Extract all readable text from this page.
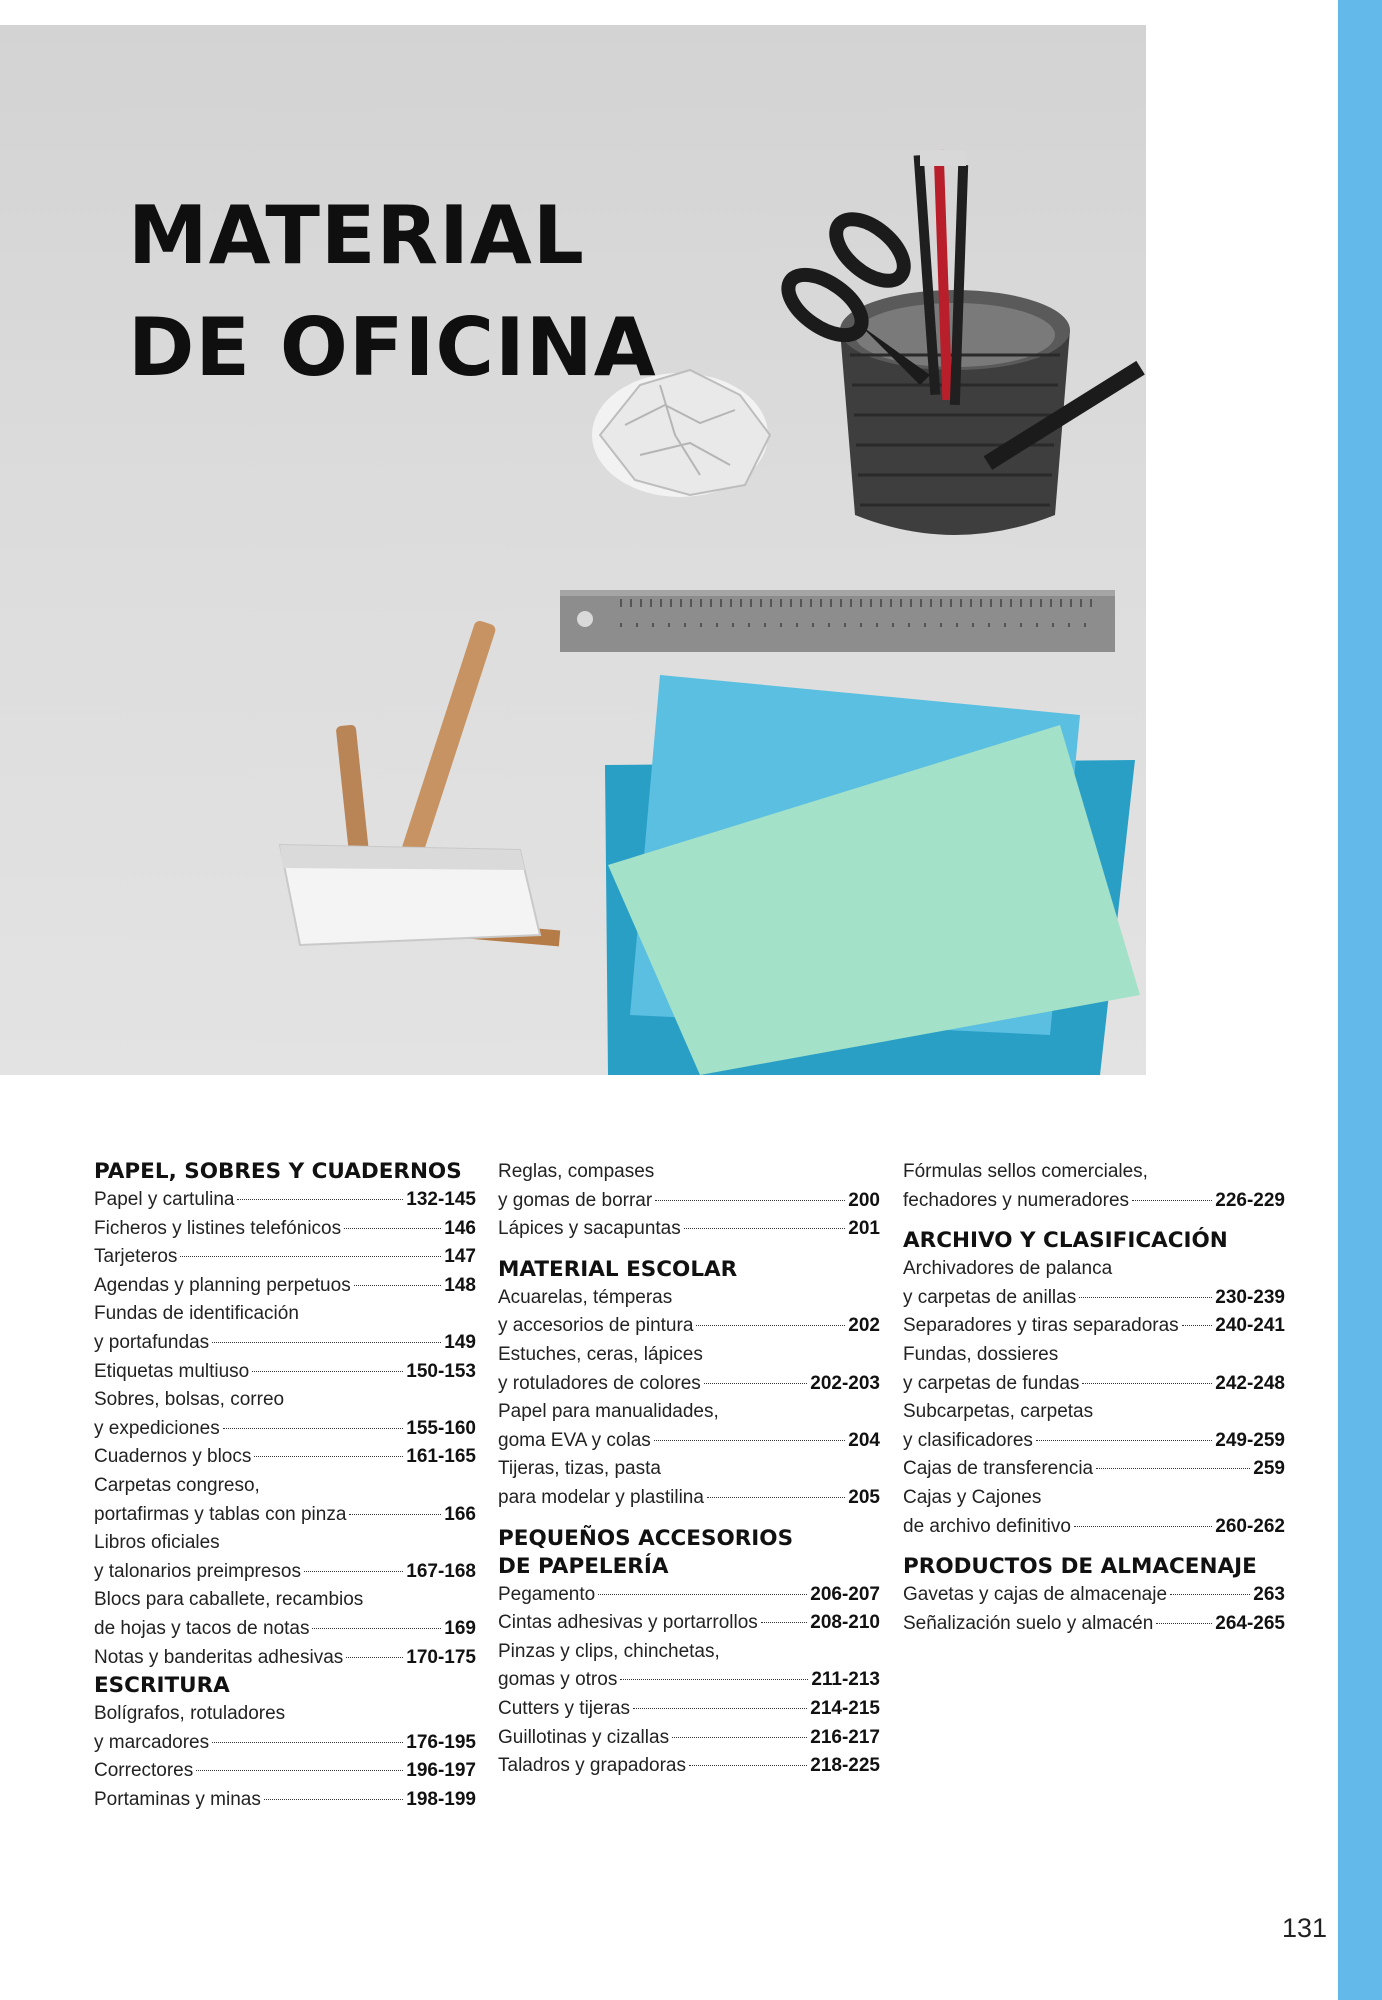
MATERIAL
DE OFICINA
PAPEL, SOBRES Y CUADERNOS
Papel y cartulina	132-145
Ficheros y listines telefónicos	146
Tarjeteros	147
Agendas y planning perpetuos	148
Fundas de identificación
y portafundas	149
Etiquetas multiuso	150-153
Sobres, bolsas, correo
y expediciones	155-160
Cuadernos y blocs	161-165
Carpetas congreso,
portafirmas y tablas con pinza	166
Libros oficiales
y talonarios preimpresos	167-168
Blocs para caballete, recambios
de hojas y tacos de notas	169
Notas y banderitas adhesivas	170-175
ESCRITURA
Bolígrafos, rotuladores
y marcadores	176-195
Correctores	196-197
Portaminas y minas	198-199
Reglas, compases
y gomas de borrar	200
Lápices y sacapuntas	201
MATERIAL ESCOLAR
Acuarelas, témperas
y accesorios de pintura	202
Estuches, ceras, lápices
y rotuladores de colores	202-203
Papel para manualidades,
goma EVA y colas	204
Tijeras, tizas, pasta
para modelar y plastilina	205
PEQUEÑOS ACCESORIOS
DE PAPELERÍA
Pegamento	206-207
Cintas adhesivas y portarrollos	208-210
Pinzas y clips, chinchetas,
gomas y otros	211-213
Cutters y tijeras	214-215
Guillotinas y cizallas	216-217
Taladros y grapadoras	218-225
Fórmulas sellos comerciales,
fechadores y numeradores	226-229
ARCHIVO Y CLASIFICACIÓN
Archivadores de palanca
y carpetas de anillas	230-239
Separadores y tiras separadoras 240-241
Fundas, dossieres
y carpetas de fundas	242-248
Subcarpetas, carpetas
y clasificadores	249-259
Cajas de transferencia	259
Cajas y Cajones
de archivo definitivo	260-262
PRODUCTOS DE ALMACENAJE
Gavetas y cajas de almacenaje	263
Señalización suelo y almacén	264-265
131
